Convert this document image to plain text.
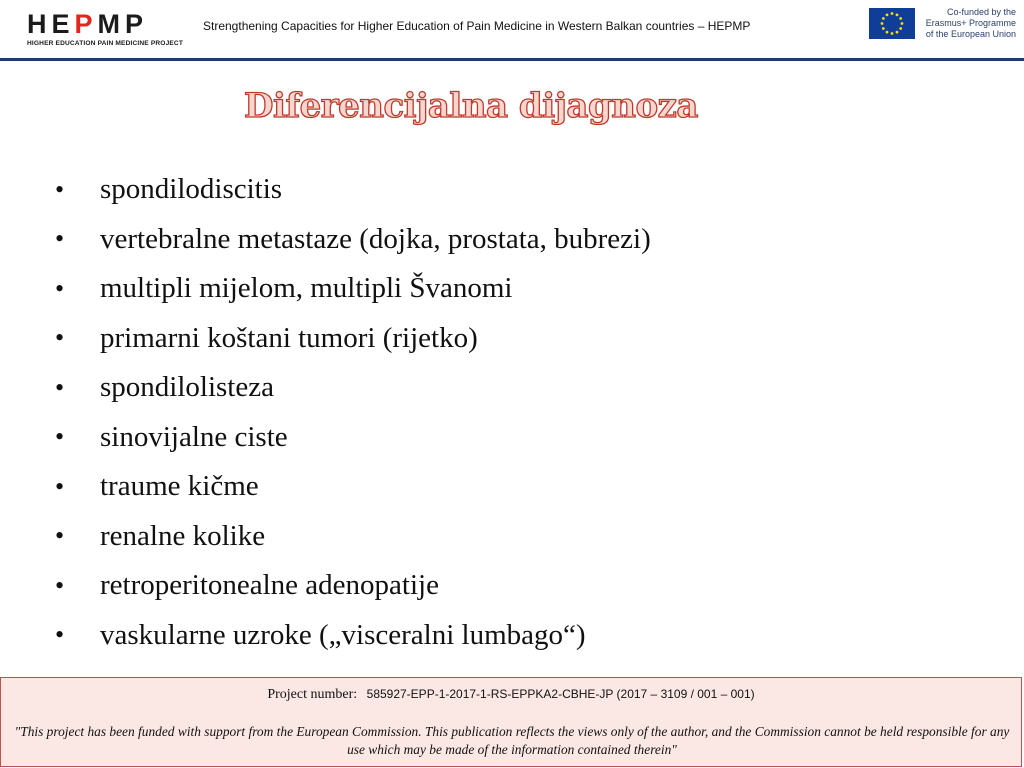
HEPMP
HIGHER EDUCATION PAIN MEDICINE PROJECT
Strengthening Capacities for Higher Education of Pain Medicine in Western Balkan countries – HEPMP
Co-funded by the
Erasmus+ Programme
of the European Union
Diferencijalna dijagnoza
•	spondilodiscitis
•	vertebralne metastaze (dojka, prostata, bubrezi)
•	multipli mijelom, multipli Švanomi
•	primarni koštani tumori (rijetko)
•	spondilolisteza
•	sinovijalne ciste
•	traume kičme
•	renalne kolike
•	retroperitonealne adenopatije
•	vaskularne uzroke („visceralni lumbago“)
Project number: 585927-EPP-1-2017-1-RS-EPPKA2-CBHE-JP (2017 – 3109 / 001 – 001)
"This project has been funded with support from the European Commission. This publication reflects the views only of the author, and the Commission cannot be held responsible for any use which may be made of the information contained therein"
